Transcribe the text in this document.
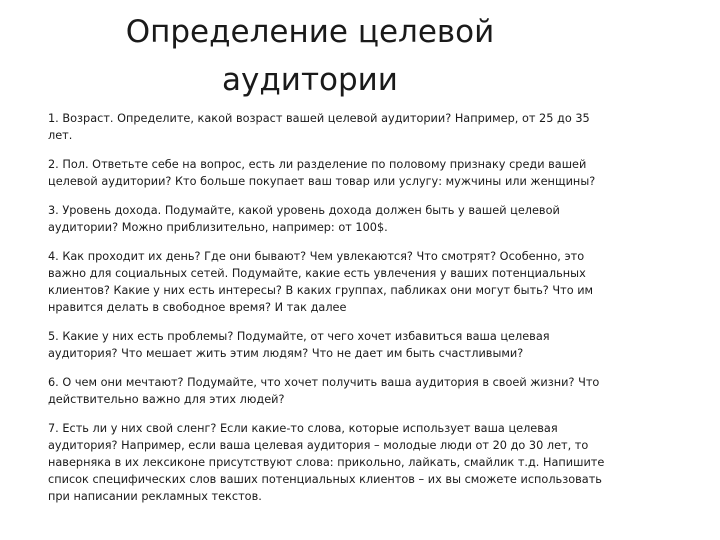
Определение целевой
аудитории

1. Возраст. Определите, какой возраст вашей целевой аудитории? Например, от 25 до 35
лет.

2. Пол. Ответьте себе на вопрос, есть ли разделение по половому признаку среди вашей
целевой аудитории? Кто больше покупает ваш товар или услугу: мужчины или женщины?

3. Уровень дохода. Подумайте, какой уровень дохода должен быть у вашей целевой
аудитории? Можно приблизительно, например: от 100$.

4. Как проходит их день? Где они бывают? Чем увлекаются? Что смотрят? Особенно, это
важно для социальных сетей. Подумайте, какие есть увлечения у ваших потенциальных
клиентов? Какие у них есть интересы? В каких группах, пабликах они могут быть? Что им
нравится делать в свободное время? И так далее

5. Какие у них есть проблемы? Подумайте, от чего хочет избавиться ваша целевая
аудитория? Что мешает жить этим людям? Что не дает им быть счастливыми?

6. О чем они мечтают? Подумайте, что хочет получить ваша аудитория в своей жизни? Что
действительно важно для этих людей?

7. Есть ли у них свой сленг? Если какие-то слова, которые использует ваша целевая
аудитория? Например, если ваша целевая аудитория – молодые люди от 20 до 30 лет, то
наверняка в их лексиконе присутствуют слова: прикольно, лайкать, смайлик т.д. Напишите
список специфических слов ваших потенциальных клиентов – их вы сможете использовать
при написании рекламных текстов.
